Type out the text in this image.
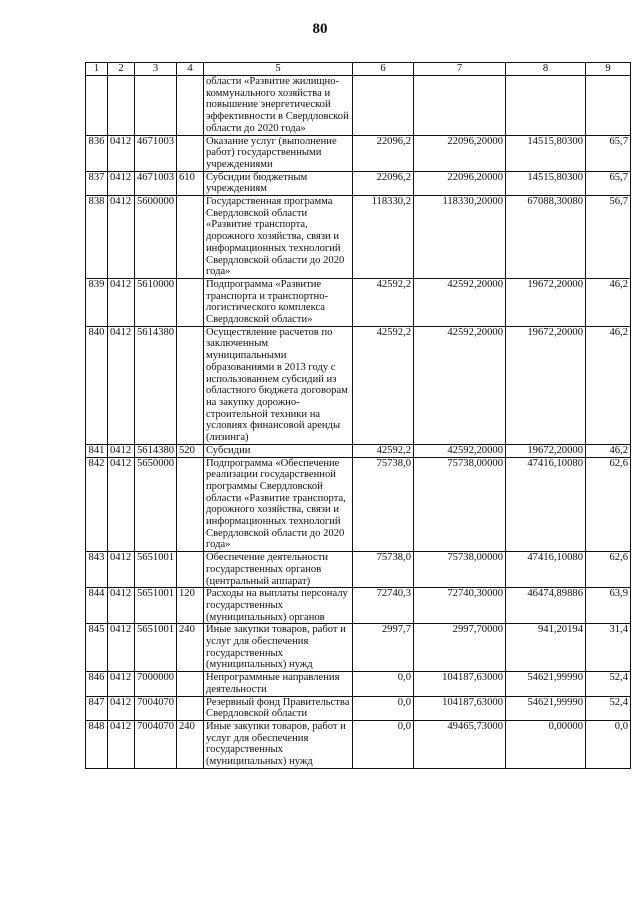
80
1	2	3	4	5	6	7	8	9
				области «Развитие жилищно-коммунального хозяйства и повышение энергетической эффективности в Свердловской области до 2020 года»				
836	0412	4671003		Оказание услуг (выполнение работ) государственными учреждениями	22096,2	22096,20000	14515,80300	65,7
837	0412	4671003	610	Субсидии бюджетным учреждениям	22096,2	22096,20000	14515,80300	65,7
838	0412	5600000		Государственная программа Свердловской области «Развитие транспорта, дорожного хозяйства, связи и информационных технологий Свердловской области до 2020 года»	118330,2	118330,20000	67088,30080	56,7
839	0412	5610000		Подпрограмма «Развитие транспорта и транспортно-логистического комплекса Свердловской области»	42592,2	42592,20000	19672,20000	46,2
840	0412	5614380		Осуществление расчетов по заключенным муниципальными образованиями в 2013 году с использованием субсидий из областного бюджета договорам на закупку дорожно-строительной техники на условиях финансовой аренды (лизинга)	42592,2	42592,20000	19672,20000	46,2
841	0412	5614380	520	Субсидии	42592,2	42592,20000	19672,20000	46,2
842	0412	5650000		Подпрограмма «Обеспечение реализации государственной программы Свердловской области «Развитие транспорта, дорожного хозяйства, связи и информационных технологий Свердловской области до 2020 года»	75738,0	75738,00000	47416,10080	62,6
843	0412	5651001		Обеспечение деятельности государственных органов (центральный аппарат)	75738,0	75738,00000	47416,10080	62,6
844	0412	5651001	120	Расходы на выплаты персоналу государственных (муниципальных) органов	72740,3	72740,30000	46474,89886	63,9
845	0412	5651001	240	Иные закупки товаров, работ и услуг для обеспечения государственных (муниципальных) нужд	2997,7	2997,70000	941,20194	31,4
846	0412	7000000		Непрограммные направления деятельности	0,0	104187,63000	54621,99990	52,4
847	0412	7004070		Резервный фонд Правительства Свердловской области	0,0	104187,63000	54621,99990	52,4
848	0412	7004070	240	Иные закупки товаров, работ и услуг для обеспечения государственных (муниципальных) нужд	0,0	49465,73000	0,00000	0,0
